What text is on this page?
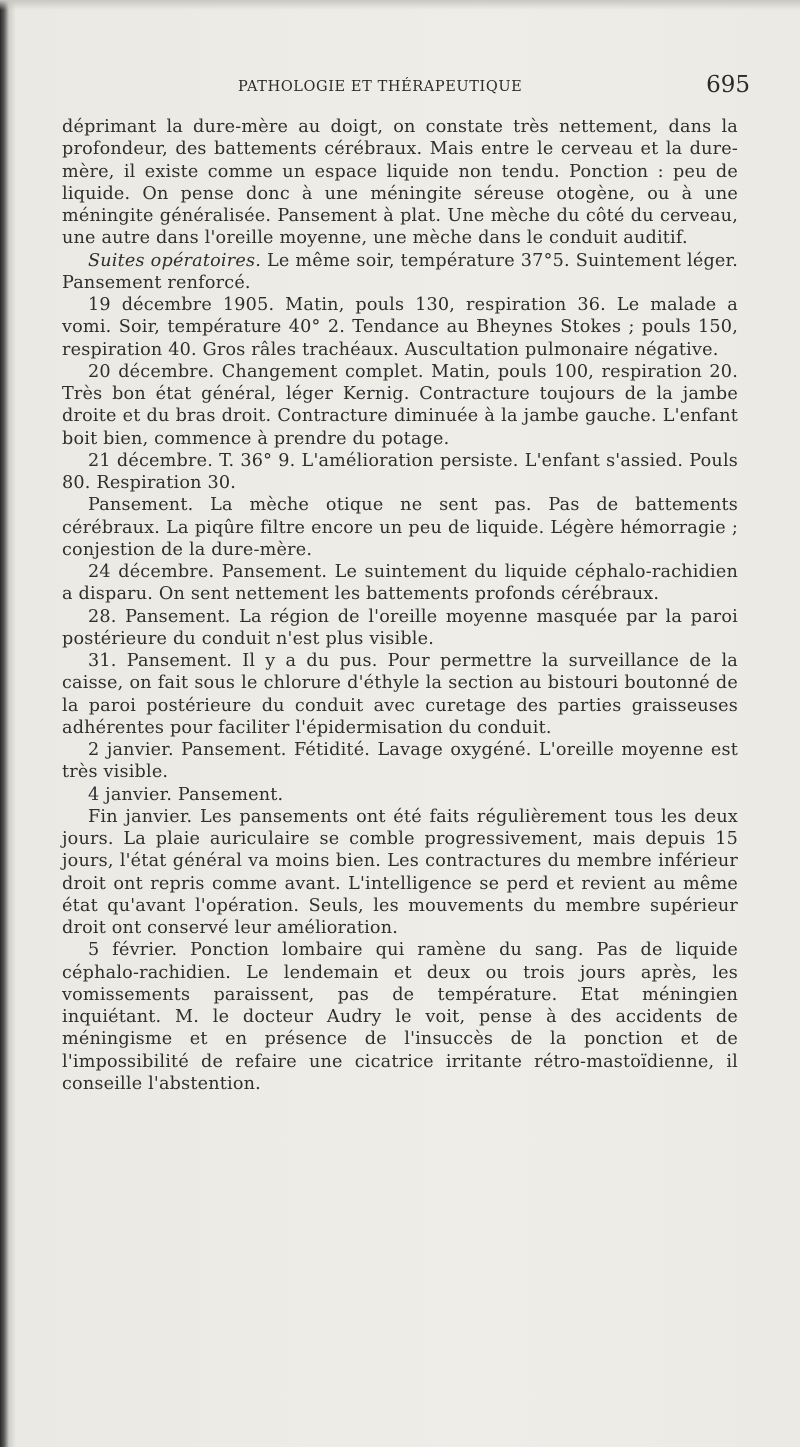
PATHOLOGIE ET THÉRAPEUTIQUE	695

déprimant la dure-mère au doigt, on constate très nettement, dans la profondeur, des battements cérébraux. Mais entre le cerveau et la dure-mère, il existe comme un espace liquide non tendu. Ponction : peu de liquide. On pense donc à une méningite séreuse otogène, ou à une méningite généralisée. Pansement à plat. Une mèche du côté du cerveau, une autre dans l'oreille moyenne, une mèche dans le conduit auditif.

Suites opératoires. Le même soir, température 37°5. Suintement léger. Pansement renforcé.

19 décembre 1905. Matin, pouls 130, respiration 36. Le malade a vomi. Soir, température 40° 2. Tendance au Bheynes Stokes ; pouls 150, respiration 40. Gros râles trachéaux. Auscultation pulmonaire négative.

20 décembre. Changement complet. Matin, pouls 100, respiration 20. Très bon état général, léger Kernig. Contracture toujours de la jambe droite et du bras droit. Contracture diminuée à la jambe gauche. L'enfant boit bien, commence à prendre du potage.

21 décembre. T. 36° 9. L'amélioration persiste. L'enfant s'assied. Pouls 80. Respiration 30.

Pansement. La mèche otique ne sent pas. Pas de battements cérébraux. La piqûre filtre encore un peu de liquide. Légère hémorragie ; conjestion de la dure-mère.

24 décembre. Pansement. Le suintement du liquide céphalo-rachidien a disparu. On sent nettement les battements profonds cérébraux.

28. Pansement. La région de l'oreille moyenne masquée par la paroi postérieure du conduit n'est plus visible.

31. Pansement. Il y a du pus. Pour permettre la surveillance de la caisse, on fait sous le chlorure d'éthyle la section au bistouri boutonné de la paroi postérieure du conduit avec curetage des parties graisseuses adhérentes pour faciliter l'épidermisation du conduit.

2 janvier. Pansement. Fétidité. Lavage oxygéné. L'oreille moyenne est très visible.

4 janvier. Pansement.

Fin janvier. Les pansements ont été faits régulièrement tous les deux jours. La plaie auriculaire se comble progressivement, mais depuis 15 jours, l'état général va moins bien. Les contractures du membre inférieur droit ont repris comme avant. L'intelligence se perd et revient au même état qu'avant l'opération. Seuls, les mouvements du membre supérieur droit ont conservé leur amélioration.

5 février. Ponction lombaire qui ramène du sang. Pas de liquide céphalo-rachidien. Le lendemain et deux ou trois jours après, les vomissements paraissent, pas de température. Etat méningien inquiétant. M. le docteur Audry le voit, pense à des accidents de méningisme et en présence de l'insuccès de la ponction et de l'impossibilité de refaire une cicatrice irritante rétro-mastoïdienne, il conseille l'abstention.
